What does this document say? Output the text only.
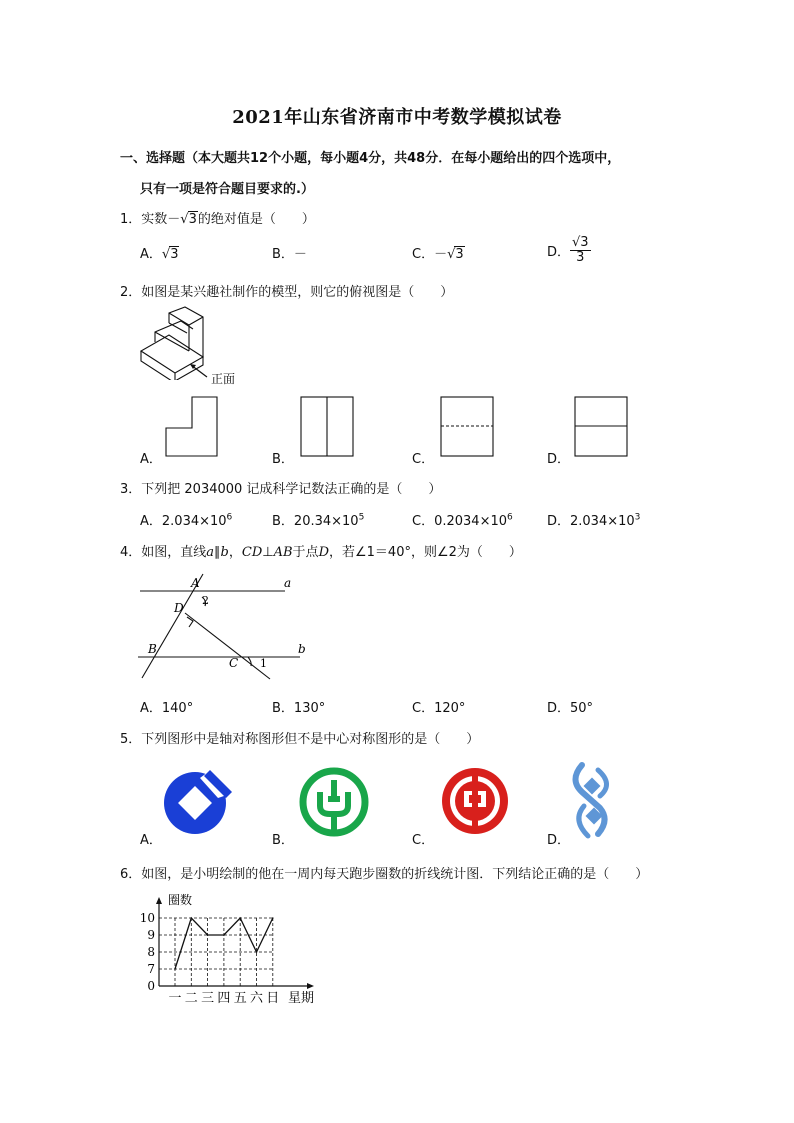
2021年山东省济南市中考数学模拟试卷
一、选择题（本大题共12个小题，每小题4分，共48分．在每小题给出的四个选项中，
只有一项是符合题目要求的.）
1．实数－√3的绝对值是（　　）
A．√3	B．－	C．－√3	D． $\frac{√3}{3}$
2．如图是某兴趣社制作的模型，则它的俯视图是（　　）
正面
A．	B．	C．	D．
3．下列把 2034000 记成科学记数法正确的是（　　）
A．$2.034\times 10^6$	B．$20.34\times 10^5$	C．$0.2034\times 10^6$	D．$2.034\times 10^3$
4．如图，直线a∥b，CD⊥AB于点D，若∠1＝40°，则∠2为（　　）
A	a
D
2
B	b
C 1
A．140°	B．130°	C．120°	D．50°
5．下列图形中是轴对称图形但不是中心对称图形的是（　　）
A．	B．	C．	D．
6．如图，是小明绘制的他在一周内每天跑步圈数的折线统计图．下列结论正确的是（　　）
圈数
星期
0
7
8
9
10
一 二 三 四 五 六 日
